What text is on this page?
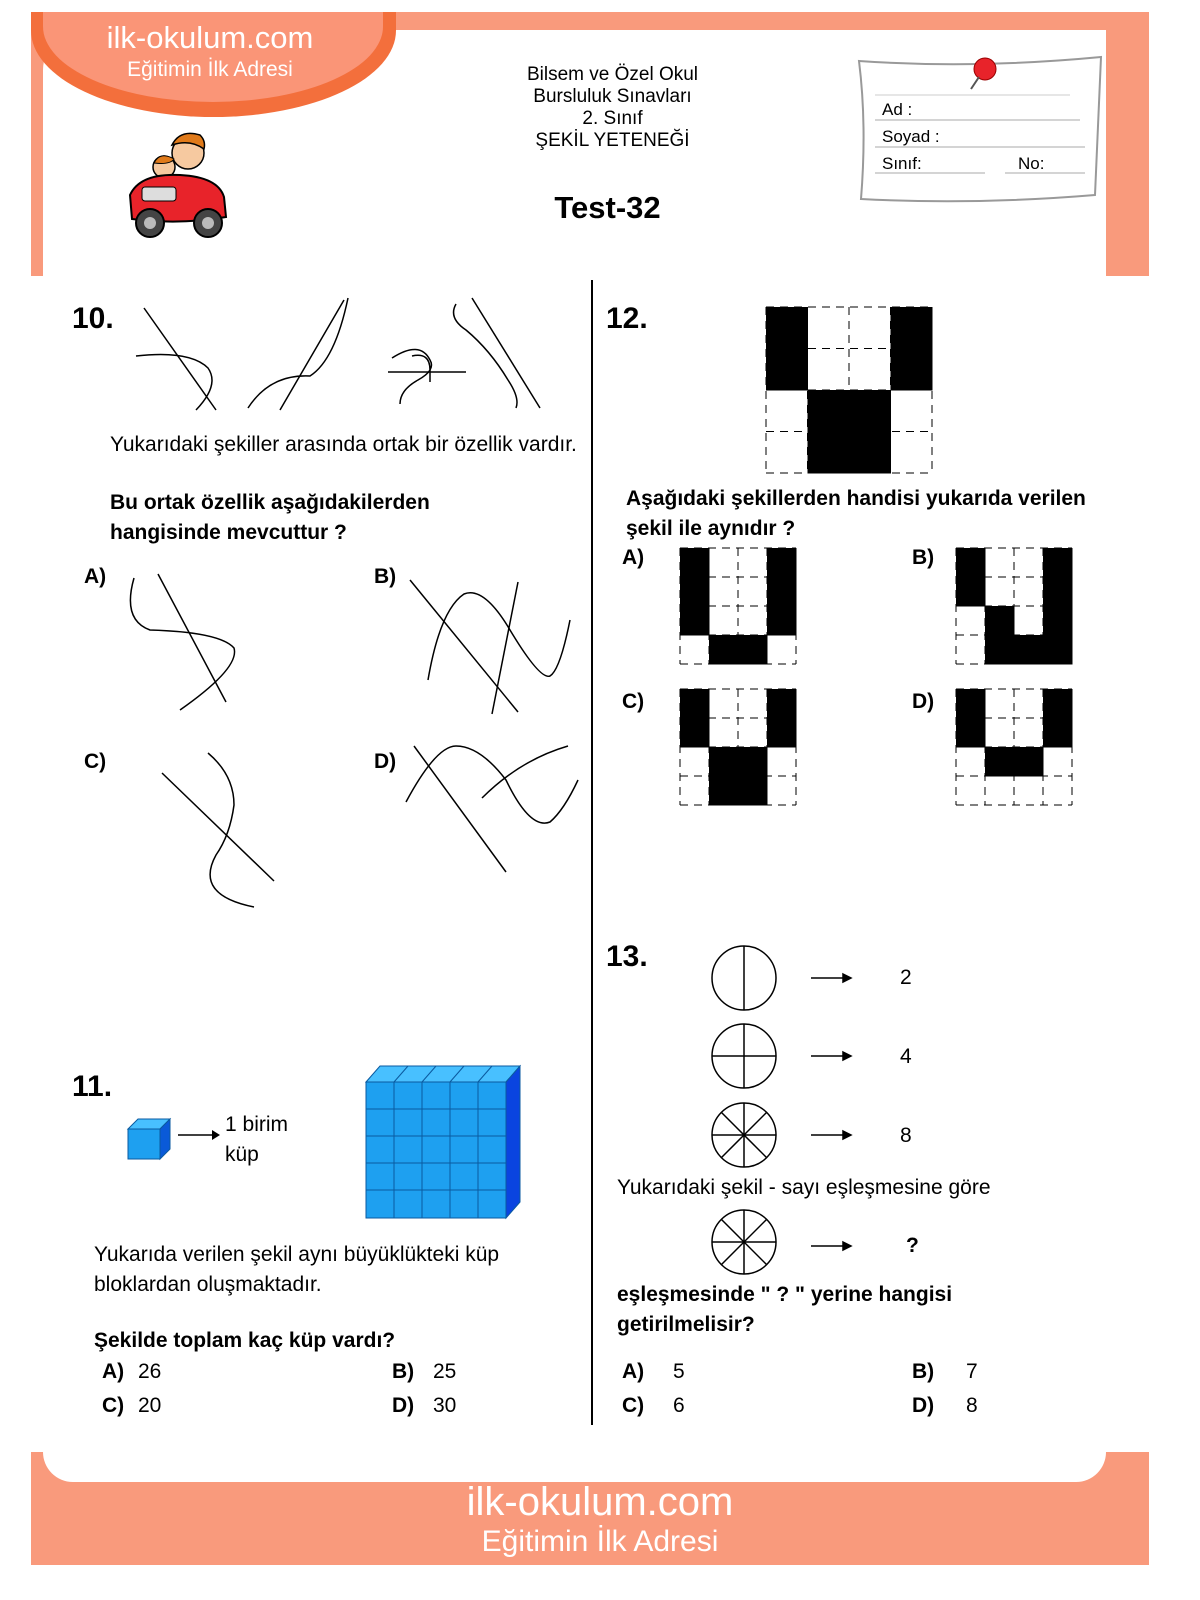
ilk-okulum.com
Eğitimin İlk Adresi	Bilsem ve Özel Okul
Bursluluk Sınavları
2. Sınıf
ŞEKİL YETENEĞİ
Test-32
Ad :
Soyad :
Sınıf:	No:
10.
Yukarıdaki şekiller arasında ortak bir özellik vardır.
Bu ortak özellik aşağıdakilerden hangisinde mevcuttur ?
A)	B)
C)	D)
11.
1 birim
küp
Yukarıda verilen şekil aynı büyüklükteki küp bloklardan oluşmaktadır.
Şekilde toplam kaç küp vardı?
A) 26	B) 25
C) 20	D) 30
12.
Aşağıdaki şekillerden handisi yukarıda verilen şekil ile aynıdır ?
A)	B)
C)	D)
13.
2
4
8
Yukarıdaki şekil - sayı eşleşmesine göre
?
eşleşmesinde " ? " yerine hangisi getirilmelisir?
A) 5	B) 7
C) 6	D) 8
ilk-okulum.com
Eğitimin İlk Adresi
